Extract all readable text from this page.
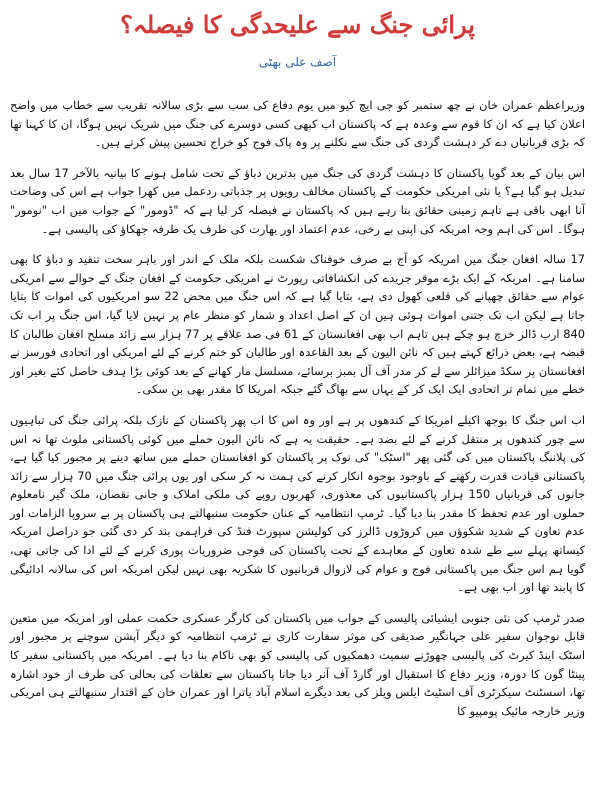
پرائی جنگ سے علیحدگی کا فیصلہ؟
آصف علی بھٹی

وزیراعظم عمران خان نے چھ ستمبر کو جی ایچ کیو میں یوم دفاع کی سب سے بڑی سالانہ تقریب سے خطاب میں واضح اعلان کیا ہے کہ ان کا قوم سے وعدہ ہے کہ پاکستان اب کبھی کسی دوسرے کی جنگ میں شریک نہیں ہوگا، ان کا کہنا تھا کہ بڑی قربانیاں دے کر دہشت گردی کی جنگ سے نکلنے پر وہ پاک فوج کو خراج تحسین پیش کرتے ہیں۔

اس بیان کے بعد گویا پاکستان کا دہشت گردی کی جنگ میں بدترین دباؤ کے تحت شامل ہونے کا بیانیہ بالآخر 17 سال بعد تبدیل ہو گیا ہے؟ یا نئی امریکی حکومت کے پاکستان مخالف رویوں پر جذباتی ردعمل میں کھرا جواب ہے اس کی وضاحت آنا ابھی باقی ہے تاہم زمینی حقائق بتا رہے ہیں کہ پاکستان نے فیصلہ کر لیا ہے کہ "ڈومور" کے جواب میں اب "نومور" ہوگا۔ اس کی اہم وجہ امریکہ کی اپنی بے رخی، عدم اعتماد اور بھارت کی طرف یک طرفہ جھکاؤ کی پالیسی ہے۔

17 سالہ افغان جنگ میں امریکہ کو آج بے صرف خوفناک شکست بلکہ ملک کے اندر اور باہر سخت تنقید و دباؤ کا بھی سامنا ہے۔ امریکہ کے ایک بڑے موقر جریدے کی انکشافاتی رپورٹ نے امریکی حکومت کے افغان جنگ کے حوالے سے امریکی عوام سے حقائق چھپانے کی قلعی کھول دی ہے، بتایا گیا ہے کہ اس جنگ میں محض 22 سو امریکیوں کی اموات کا بتایا جاتا ہے لیکن اب تک جتنی اموات ہوئی ہیں ان کے اصل اعداد و شمار کو منظر عام پر نہیں لایا گیا، اس جنگ پر اب تک 840 ارب ڈالر خرچ ہو چکے ہیں تاہم اب بھی افغانستان کے 61 فی صد علاقے پر 77 ہزار سے زائد مسلح افغان طالبان کا قبضہ ہے، بعض ذرائع کہتے ہیں کہ نائن الیون کے بعد القاعدہ اور طالبان کو ختم کرنے کے لئے امریکی اور اتحادی فورسز نے افغانستان پر سکڈ میزائلز سے لے کر مدر آف آل بمبز برسائے، مسلسل مار کھانے کے بعد کوئی بڑا ہدف حاصل کئے بغیر اور خطے میں تمام تر اتحادی ایک ایک کر کے یہاں سے بھاگ گئے جبکہ امریکا کا مقدر بھی بن سکی۔

اب اس جنگ کا بوجھ اکیلے امریکا کے کندھوں پر ہے اور وہ اس کا اب پھر پاکستان کے نازک بلکہ پرائی جنگ کی تباہیوں سے چور کندھوں پر منتقل کرنے کے لئے بضد ہے۔ حقیقت یہ ہے کہ نائن الیون حملے میں کوئی پاکستانی ملوث تھا نہ اس کی پلاننگ پاکستان میں کی گئی پھر "اسٹک" کی نوک پر پاکستان کو افغانستان حملے میں ساتھ دینے پر مجبور کیا گیا ہے، پاکستانی قیادت قدرت رکھنے کے باوجود بوجوہ انکار کرنے کی ہمت نہ کر سکی اور یوں پرائی جنگ میں 70 ہزار سے زائد جانوں کی قربانیاں 150 ہزار پاکستانیوں کی معذوری، کھربوں روپے کی ملکی املاک و جانی نقصان، ملک گیر نامعلوم حملوں اور عدم تحفظ کا مقدر بنا دیا گیا۔ ٹرمپ انتظامیہ کے عنان حکومت سنبھالتے ہی پاکستان پر بے سروپا الزامات اور عدم تعاون کے شدید شکوؤں میں کروڑوں ڈالرز کی کولیشن سپورٹ فنڈ کی فراہمی بند کر دی گئی جو دراصل امریکہ کیساتھ پہلے سے طے شدہ تعاون کے معاہدے کے تحت پاکستان کی فوجی ضروریات پوری کرنے کے لئے ادا کی جاتی تھی، گویا ہم اس جنگ میں پاکستانی فوج و عوام کی لازوال قربانیوں کا شکریہ بھی نہیں لیکن امریکہ اس کی سالانہ ادائیگی کا پابند تھا اور اب بھی ہے۔

صدر ٹرمپ کی نئی جنوبی ایشیائی پالیسی کے جواب میں پاکستان کی کارگر عسکری حکمت عملی اور امریکہ میں متعین قابل نوجوان سفیر علی جہانگیر صدیقی کی موثر سفارت کاری نے ٹرمپ انتظامیہ کو دیگر آپشن سوچنے پر مجبور اور اسٹک اینڈ کیرٹ کی پالیسی چھوڑنے سمیت دھمکیوں کی پالیسی کو بھی ناکام بنا دیا ہے۔ امریکہ میں پاکستانی سفیر کا پینٹا گون کا دورہ، وزیر دفاع کا استقبال اور گارڈ آف آنر دیا جانا پاکستان سے تعلقات کی بحالی کی طرف از خود اشارہ تھا، اسسٹنٹ سیکرٹری آف اسٹیٹ ایلس ویلز کی بعد دیگرے اسلام آباد یاترا اور عمران خان کے اقتدار سنبھالتے ہی امریکی وزیر خارجہ مائیک پومپیو کا
